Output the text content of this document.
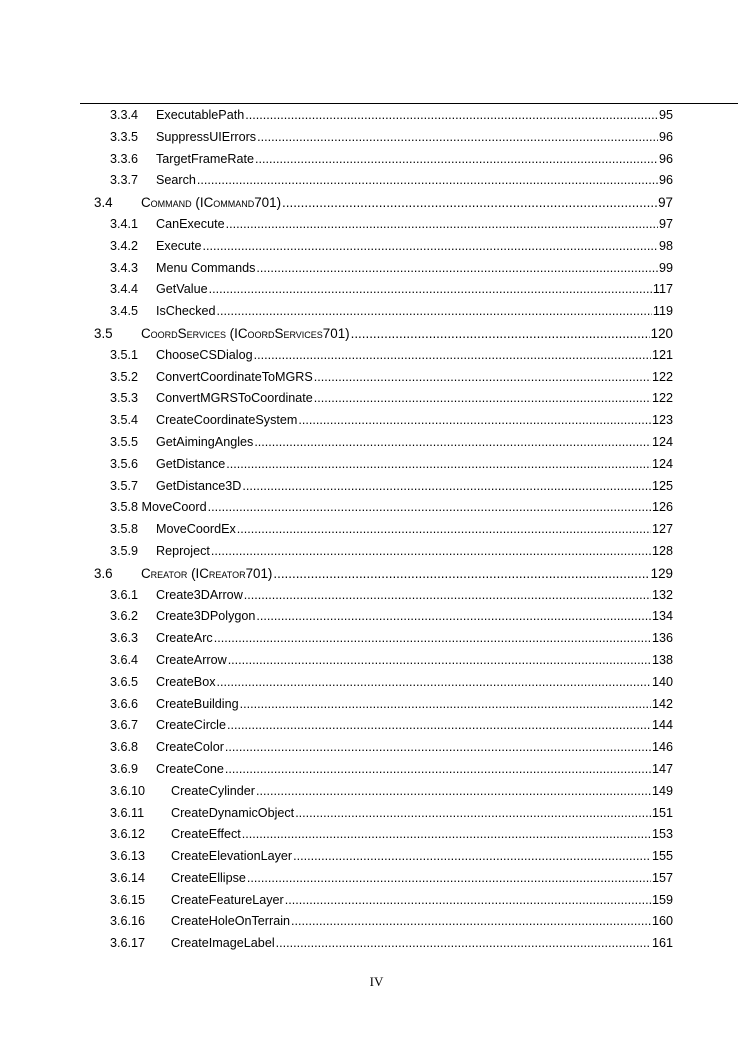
3.3.4 ExecutablePath .....	95
3.3.5 SuppressUIErrors .....	96
3.3.6 TargetFrameRate .....	96
3.3.7 Search .....	96
3.4 Command (ICommand701) .....	97
3.4.1 CanExecute .....	97
3.4.2 Execute .....	98
3.4.3 Menu Commands .....	99
3.4.4 GetValue .....	117
3.4.5 IsChecked .....	119
3.5 CoordServices (ICoordServices701) .....	120
3.5.1 ChooseCSDialog .....	121
3.5.2 ConvertCoordinateToMGRS .....	122
3.5.3 ConvertMGRSToCoordinate .....	122
3.5.4 CreateCoordinateSystem .....	123
3.5.5 GetAimingAngles .....	124
3.5.6 GetDistance .....	124
3.5.7 GetDistance3D .....	125
3.5.8 MoveCoord .....	126
3.5.8 MoveCoordEx .....	127
3.5.9 Reproject .....	128
3.6 Creator (ICreator701) .....	129
3.6.1 Create3DArrow .....	132
3.6.2 Create3DPolygon .....	134
3.6.3 CreateArc .....	136
3.6.4 CreateArrow .....	138
3.6.5 CreateBox .....	140
3.6.6 CreateBuilding .....	142
3.6.7 CreateCircle .....	144
3.6.8 CreateColor .....	146
3.6.9 CreateCone .....	147
3.6.10 CreateCylinder .....	149
3.6.11 CreateDynamicObject .....	151
3.6.12 CreateEffect .....	153
3.6.13 CreateElevationLayer .....	155
3.6.14 CreateEllipse .....	157
3.6.15 CreateFeatureLayer .....	159
3.6.16 CreateHoleOnTerrain .....	160
3.6.17 CreateImageLabel .....	161
IV
